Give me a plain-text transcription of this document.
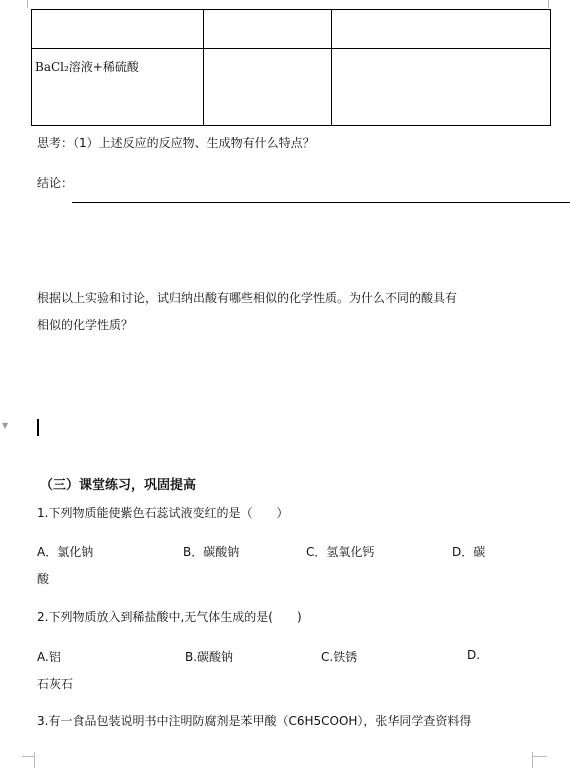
BaCl₂溶液+稀硫酸		

思考：（1）上述反应的反应物、生成物有什么特点？
结论：
根据以上实验和讨论，试归纳出酸有哪些相似的化学性质。为什么不同的酸具有
相似的化学性质？
▼
（三）课堂练习，巩固提高
1.下列物质能使紫色石蕊试液变红的是（　　）
A．氯化钠	B．碳酸钠	C．氢氧化钙	D．碳
酸
2.下列物质放入到稀盐酸中,无气体生成的是(　　)
A.铝	B.碳酸钠	C.铁锈	D.
石灰石
3.有一食品包装说明书中注明防腐剂是苯甲酸（C6H5COOH），张华同学查资料得
